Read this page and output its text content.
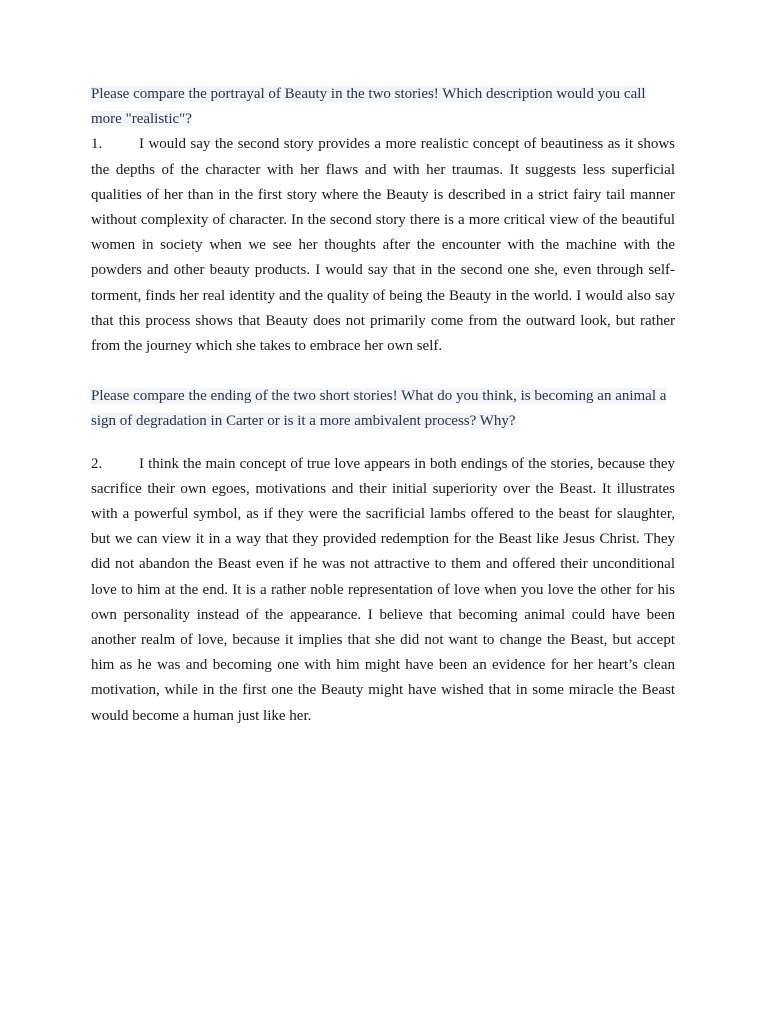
Please compare the portrayal of Beauty in the two stories! Which description would you call more "realistic"?

1. I would say the second story provides a more realistic concept of beautiness as it shows the depths of the character with her flaws and with her traumas. It suggests less superficial qualities of her than in the first story where the Beauty is described in a strict fairy tail manner without complexity of character. In the second story there is a more critical view of the beautiful women in society when we see her thoughts after the encounter with the machine with the powders and other beauty products. I would say that in the second one she, even through self-torment, finds her real identity and the quality of being the Beauty in the world. I would also say that this process shows that Beauty does not primarily come from the outward look, but rather from the journey which she takes to embrace her own self.

Please compare the ending of the two short stories! What do you think, is becoming an animal a sign of degradation in Carter or is it a more ambivalent process? Why?

2. I think the main concept of true love appears in both endings of the stories, because they sacrifice their own egoes, motivations and their initial superiority over the Beast. It illustrates with a powerful symbol, as if they were the sacrificial lambs offered to the beast for slaughter, but we can view it in a way that they provided redemption for the Beast like Jesus Christ. They did not abandon the Beast even if he was not attractive to them and offered their unconditional love to him at the end. It is a rather noble representation of love when you love the other for his own personality instead of the appearance. I believe that becoming animal could have been another realm of love, because it implies that she did not want to change the Beast, but accept him as he was and becoming one with him might have been an evidence for her heart’s clean motivation, while in the first one the Beauty might have wished that in some miracle the Beast would become a human just like her.
